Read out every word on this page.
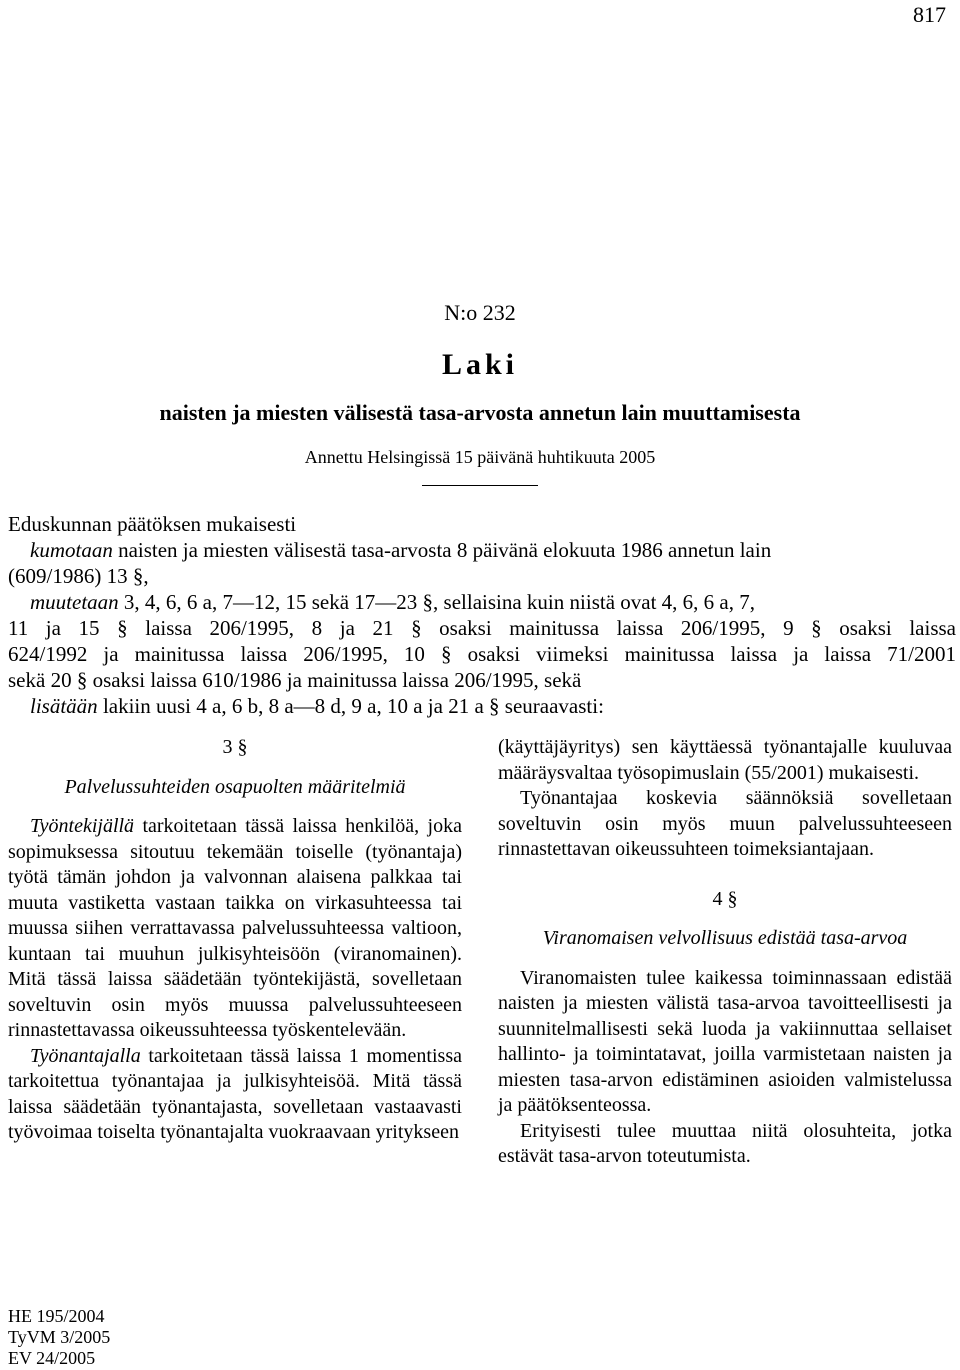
817
N:o 232
Laki
naisten ja miesten välisestä tasa-arvosta annetun lain muuttamisesta
Annettu Helsingissä 15 päivänä huhtikuuta 2005
Eduskunnan päätöksen mukaisesti
kumotaan naisten ja miesten välisestä tasa-arvosta 8 päivänä elokuuta 1986 annetun lain
(609/1986) 13 §,
muutetaan 3, 4, 6, 6 a, 7—12, 15 sekä 17—23 §, sellaisina kuin niistä ovat 4, 6, 6 a, 7,
11 ja 15 § laissa 206/1995, 8 ja 21 § osaksi mainitussa laissa 206/1995, 9 § osaksi laissa
624/1992 ja mainitussa laissa 206/1995, 10 § osaksi viimeksi mainitussa laissa ja laissa 71/2001
sekä 20 § osaksi laissa 610/1986 ja mainitussa laissa 206/1995, sekä
lisätään lakiin uusi 4 a, 6 b, 8 a—8 d, 9 a, 10 a ja 21 a § seuraavasti:
3 §
Palvelussuhteiden osapuolten määritelmiä

Työntekijällä tarkoitetaan tässä laissa henkilöä, joka sopimuksessa sitoutuu tekemään toiselle (työnantaja) työtä tämän johdon ja valvonnan alaisena palkkaa tai muuta vastiketta vastaan taikka on virkasuhteessa tai muussa siihen verrattavassa palvelussuhteessa valtioon, kuntaan tai muuhun julkisyhteisöön (viranomainen). Mitä tässä laissa säädetään työntekijästä, sovelletaan soveltuvin osin myös muussa palvelussuhteeseen rinnastettavassa oikeussuhteessa työskentelevään.

Työnantajalla tarkoitetaan tässä laissa 1 momentissa tarkoitettua työnantajaa ja julkisyhteisöä. Mitä tässä laissa säädetään työnantajasta, sovelletaan vastaavasti työvoimaa toiselta työnantajalta vuokraavaan yritykseen

(käyttäjäyritys) sen käyttäessä työnantajalle kuuluvaa määräysvaltaa työsopimuslain (55/2001) mukaisesti.

Työnantajaa koskevia säännöksiä sovelletaan soveltuvin osin myös muun palvelussuhteeseen rinnastettavan oikeussuhteen toimeksiantajaan.

4 §
Viranomaisen velvollisuus edistää tasa-arvoa

Viranomaisten tulee kaikessa toiminnassaan edistää naisten ja miesten välistä tasa-arvoa tavoitteellisesti ja suunnitelmallisesti sekä luoda ja vakiinnuttaa sellaiset hallinto- ja toimintatavat, joilla varmistetaan naisten ja miesten tasa-arvon edistäminen asioiden valmistelussa ja päätöksenteossa.

Erityisesti tulee muuttaa niitä olosuhteita, jotka estävät tasa-arvon toteutumista.

HE 195/2004
TyVM 3/2005
EV 24/2005
